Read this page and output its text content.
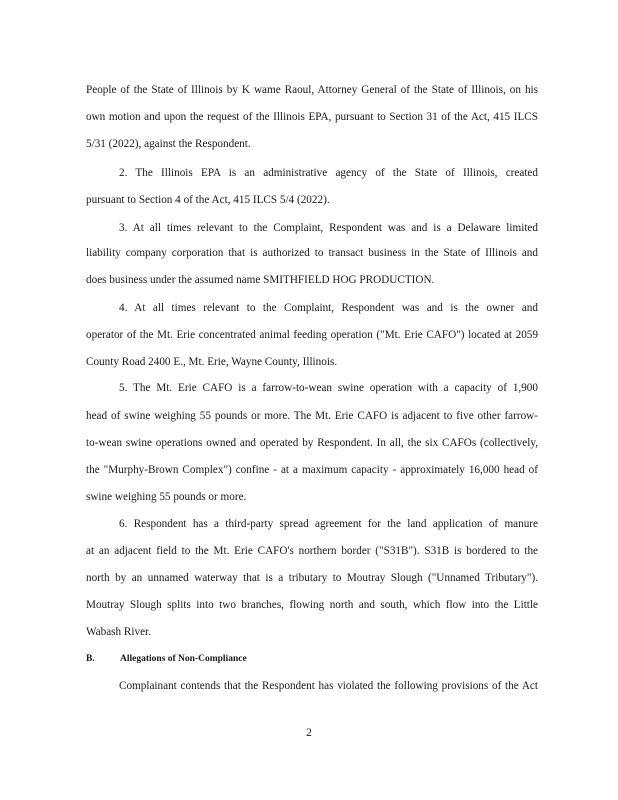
People of the State of Illinois by K wame Raoul, Attorney General of the State of Illinois, on his
own motion and upon the request of the Illinois EPA, pursuant to Section 31 of the Act, 415 ILCS
5/31 (2022), against the Respondent.
2. The Illinois EPA is an administrative agency of the State of Illinois, created
pursuant to Section 4 of the Act, 415 ILCS 5/4 (2022).
3. At all times relevant to the Complaint, Respondent was and is a Delaware limited
liability company corporation that is authorized to transact business in the State of Illinois and
does business under the assumed name SMITHFIELD HOG PRODUCTION.
4. At all times relevant to the Complaint, Respondent was and is the owner and
operator of the Mt. Erie concentrated animal feeding operation ("Mt. Erie CAFO") located at 2059
County Road 2400 E., Mt. Erie, Wayne County, Illinois.
5. The Mt. Erie CAFO is a farrow-to-wean swine operation with a capacity of 1,900
head of swine weighing 55 pounds or more. The Mt. Erie CAFO is adjacent to five other farrow-
to-wean swine operations owned and operated by Respondent. In all, the six CAFOs (collectively,
the "Murphy-Brown Complex") confine - at a maximum capacity - approximately 16,000 head of
swine weighing 55 pounds or more.
6. Respondent has a third-party spread agreement for the land application of manure
at an adjacent field to the Mt. Erie CAFO's northern border ("S31B"). S31B is bordered to the
north by an unnamed waterway that is a tributary to Moutray Slough ("Unnamed Tributary").
Moutray Slough splits into two branches, flowing north and south, which flow into the Little
Wabash River.
B.	Allegations of Non-Compliance
Complainant contends that the Respondent has violated the following provisions of the Act
2
